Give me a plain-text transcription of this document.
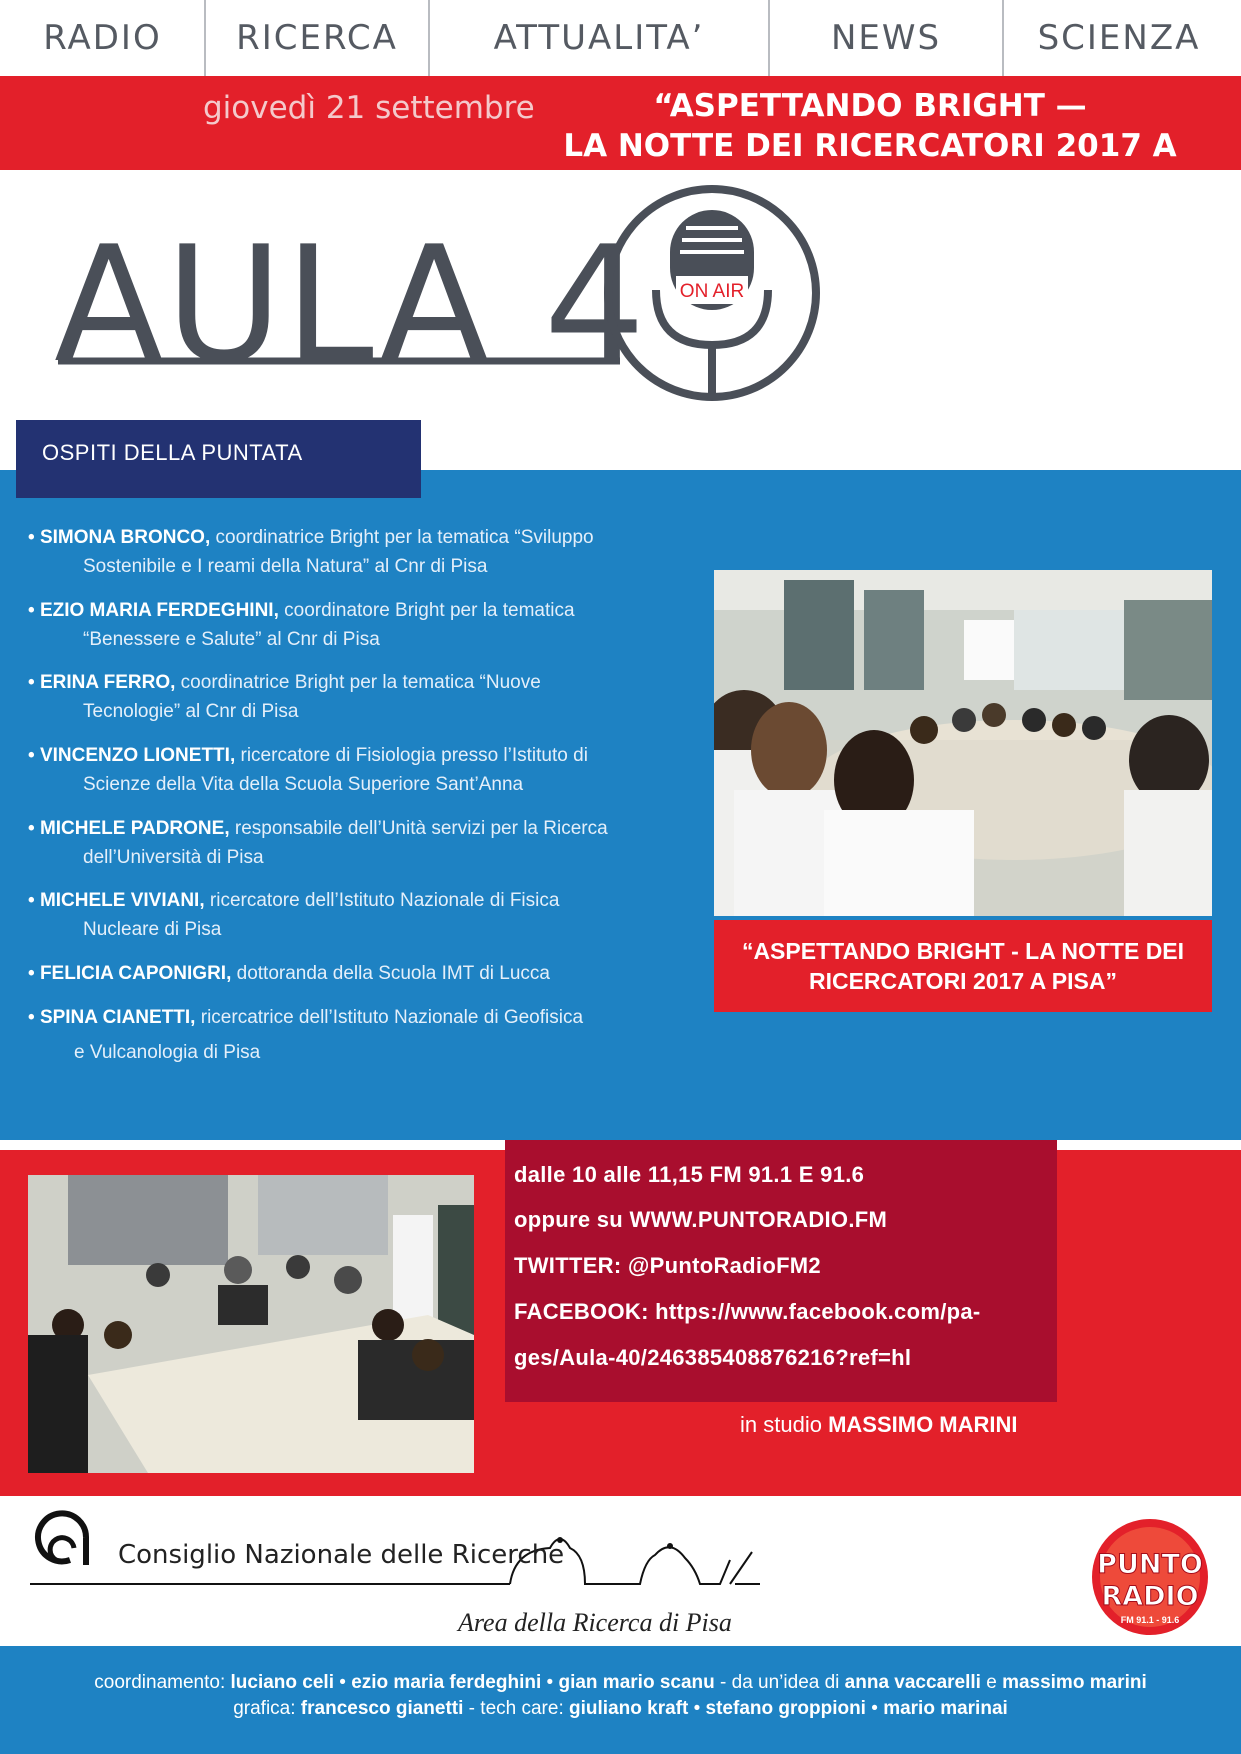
RADIO	RICERCA	ATTUALITA’	NEWS	SCIENZA
giovedì 21 settembre	“ASPETTANDO BRIGHT —
LA NOTTE DEI RICERCATORI 2017 A PISA”
AULA 4 ON AIR
OSPITI DELLA PUNTATA
• SIMONA BRONCO, coordinatrice Bright per la tematica “Sviluppo
Sostenibile e I reami della Natura” al Cnr di Pisa
• EZIO MARIA FERDEGHINI, coordinatore Bright per la tematica
“Benessere e Salute” al Cnr di Pisa
• ERINA FERRO, coordinatrice Bright per la tematica “Nuove
Tecnologie” al Cnr di Pisa
• VINCENZO LIONETTI, ricercatore di Fisiologia presso l’Istituto di
Scienze della Vita della Scuola Superiore Sant’Anna
• MICHELE PADRONE, responsabile dell’Unità servizi per la Ricerca
dell’Università di Pisa
• MICHELE VIVIANI, ricercatore dell’Istituto Nazionale di Fisica
Nucleare di Pisa
• FELICIA CAPONIGRI, dottoranda della Scuola IMT di Lucca
• SPINA CIANETTI, ricercatrice dell’Istituto Nazionale di Geofisica
e Vulcanologia di Pisa
“ASPETTANDO BRIGHT - LA NOTTE DEI
RICERCATORI 2017 A PISA”
dalle 10 alle 11,15 FM 91.1 E 91.6
oppure su WWW.PUNTORADIO.FM
TWITTER: @PuntoRadioFM2
FACEBOOK: https://www.facebook.com/pa-
ges/Aula-40/246385408876216?ref=hl
in studio MASSIMO MARINI
Consiglio Nazionale delle Ricerche
Area della Ricerca di Pisa
PUNTO
RADIO
FM 91.1 - 91.6
coordinamento: luciano celi • ezio maria ferdeghini • gian mario scanu - da un’idea di anna vaccarelli e massimo marini
grafica: francesco gianetti - tech care: giuliano kraft • stefano groppioni • mario marinai
